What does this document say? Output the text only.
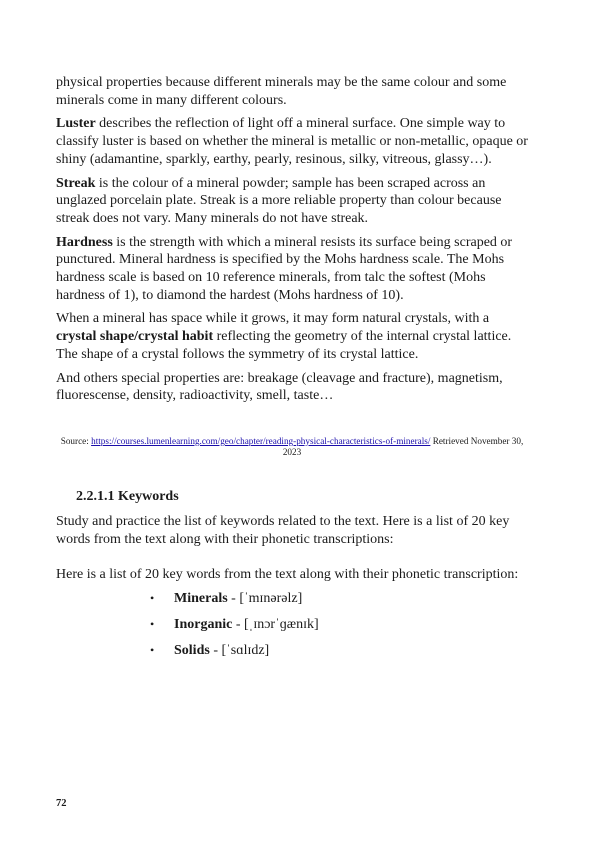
physical properties because different minerals may be the same colour and some minerals come in many different colours.

Luster describes the reflection of light off a mineral surface. One simple way to classify luster is based on whether the mineral is metallic or non-metallic, opaque or shiny (adamantine, sparkly, earthy, pearly, resinous, silky, vitreous, glassy…).

Streak is the colour of a mineral powder; sample has been scraped across an unglazed porcelain plate. Streak is a more reliable property than colour because streak does not vary. Many minerals do not have streak.

Hardness is the strength with which a mineral resists its surface being scraped or punctured. Mineral hardness is specified by the Mohs hardness scale. The Mohs hardness scale is based on 10 reference minerals, from talc the softest (Mohs hardness of 1), to diamond the hardest (Mohs hardness of 10).

When a mineral has space while it grows, it may form natural crystals, with a crystal shape/crystal habit reflecting the geometry of the internal crystal lattice. The shape of a crystal follows the symmetry of its crystal lattice.

And others special properties are: breakage (cleavage and fracture), magnetism, fluorescense, density, radioactivity, smell, taste…

Source: https://courses.lumenlearning.com/geo/chapter/reading-physical-characteristics-of-minerals/ Retrieved November 30, 2023

2.2.1.1 Keywords

Study and practice the list of keywords related to the text. Here is a list of 20 key words from the text along with their phonetic transcriptions:

Here is a list of 20 key words from the text along with their phonetic transcription:

•	Minerals - [ˈmɪnərəlz]
•	Inorganic - [ˌɪnɔrˈɡænɪk]
•	Solids - [ˈsɑlɪdz]
72
